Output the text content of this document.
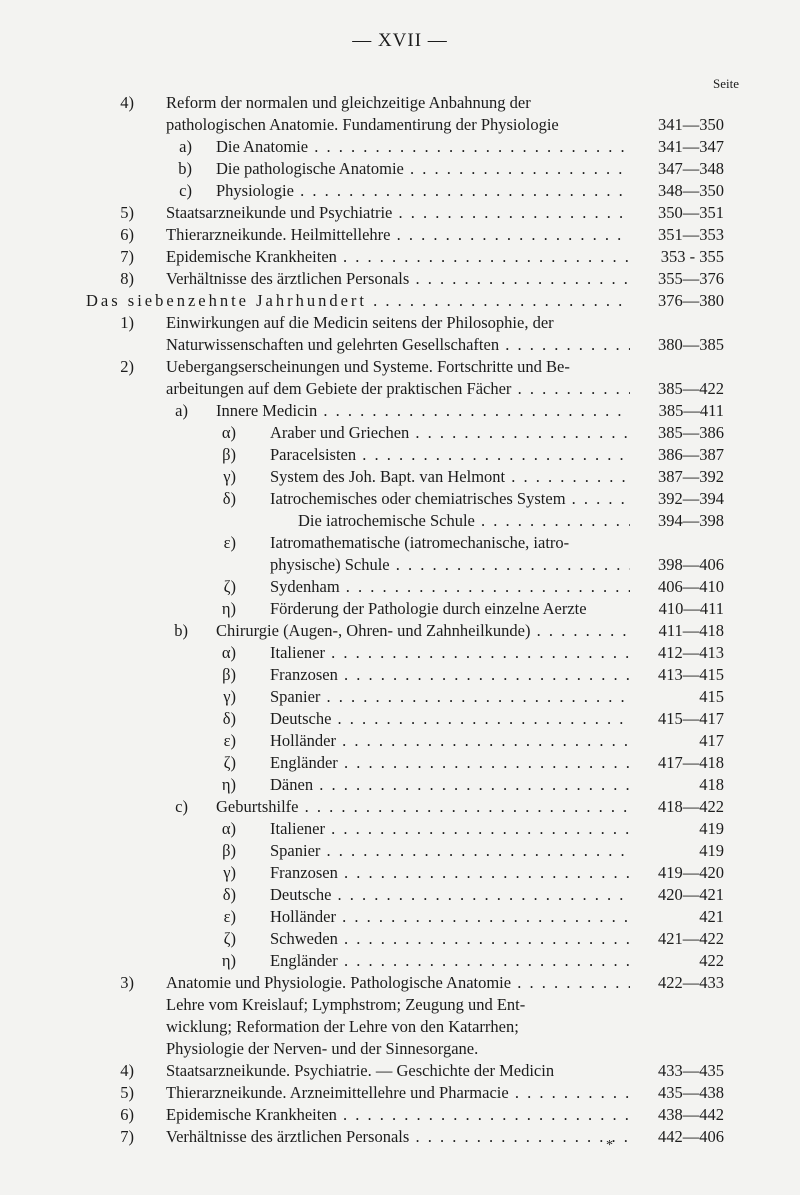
— XVII —
Seite
4) Reform der normalen und gleichzeitige Anbahnung der
pathologischen Anatomie. Fundamentirung der Physiologie	341—350
a) Die Anatomie . . .	341—347
b) Die pathologische Anatomie . . .	347—348
c) Physiologie . . .	348—350
5) Staatsarzneikunde und Psychiatrie . . .	350—351
6) Thierarzneikunde. Heilmittellehre . . .	351—353
7) Epidemische Krankheiten . . .	353 - 355
8) Verhältnisse des ärztlichen Personals . . .	355—376
Das siebenzehnte Jahrhundert . . .	376—380
1) Einwirkungen auf die Medicin seitens der Philosophie, der
Naturwissenschaften und gelehrten Gesellschaften . . .	380—385
2) Uebergangserscheinungen und Systeme. Fortschritte und Be-
arbeitungen auf dem Gebiete der praktischen Fächer . . .	385—422
a) Innere Medicin . . .	385—411
α) Araber und Griechen . . .	385—386
β) Paracelsisten . . .	386—387
γ) System des Joh. Bapt. van Helmont . . .	387—392
δ) Iatrochemisches oder chemiatrisches System . . .	392—394
Die iatrochemische Schule . . .	394—398
ε) Iatromathematische (iatromechanische, iatro-
physische) Schule . . .	398—406
ζ) Sydenham . . .	406—410
η) Förderung der Pathologie durch einzelne Aerzte	410—411
b) Chirurgie (Augen-, Ohren- und Zahnheilkunde) . . .	411—418
α) Italiener . . .	412—413
β) Franzosen . . .	413—415
γ) Spanier . . .	415
δ) Deutsche . . .	415—417
ε) Holländer . . .	417
ζ) Engländer . . .	417—418
η) Dänen . . .	418
c) Geburtshilfe . . .	418—422
α) Italiener . . .	419
β) Spanier . . .	419
γ) Franzosen . . .	419—420
δ) Deutsche . . .	420—421
ε) Holländer . . .	421
ζ) Schweden . . .	421—422
η) Engländer . . .	422
3) Anatomie und Physiologie. Pathologische Anatomie . . .	422—433
Lehre vom Kreislauf; Lymphstrom; Zeugung und Ent-
wicklung; Reformation der Lehre von den Katarrhen;
Physiologie der Nerven- und der Sinnesorgane.
4) Staatsarzneikunde. Psychiatrie. — Geschichte der Medicin	433—435
5) Thierarzneikunde. Arzneimittellehre und Pharmacie . . .	435—438
6) Epidemische Krankheiten . . .	438—442
7) Verhältnisse des ärztlichen Personals . . .	442—406
*
